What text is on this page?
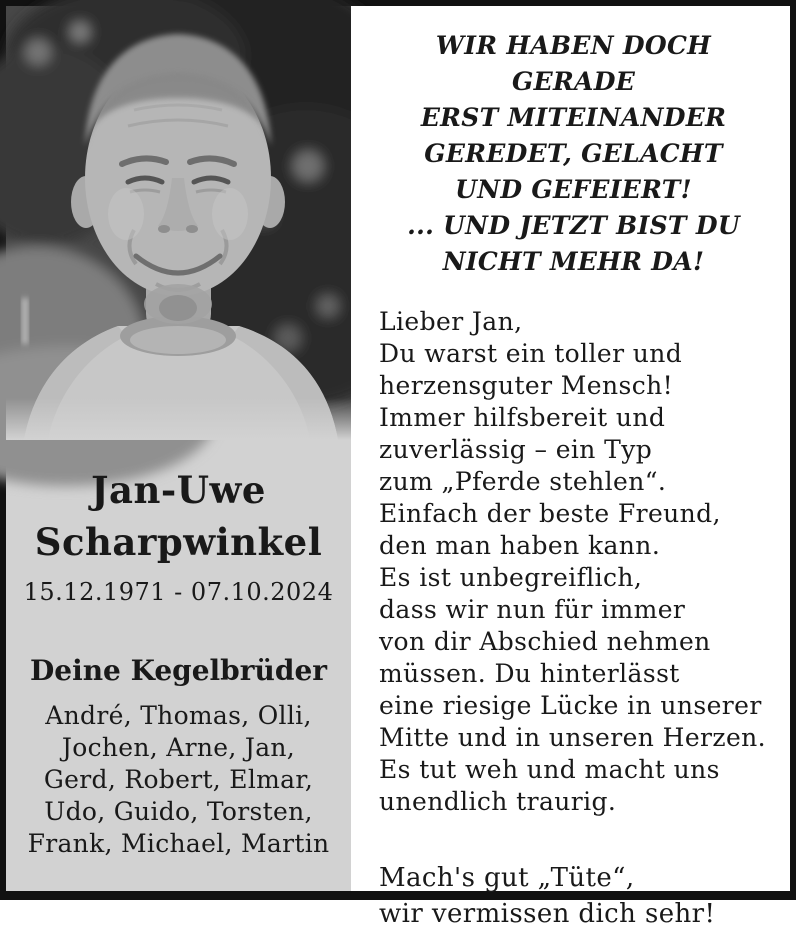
Jan-Uwe
Scharpwinkel
15.12.1971 - 07.10.2024
Deine Kegelbrüder
André, Thomas, Olli,
Jochen, Arne, Jan,
Gerd, Robert, Elmar,
Udo, Guido, Torsten,
Frank, Michael, Martin
WIR HABEN DOCH GERADE
ERST MITEINANDER
GEREDET, GELACHT
UND GEFEIERT!
... UND JETZT BIST DU
NICHT MEHR DA!
Lieber Jan,
Du warst ein toller und
herzensguter Mensch!
Immer hilfsbereit und
zuverlässig – ein Typ
zum „Pferde stehlen“.
Einfach der beste Freund,
den man haben kann.
Es ist unbegreiflich,
dass wir nun für immer
von dir Abschied nehmen
müssen. Du hinterlässt
eine riesige Lücke in unserer
Mitte und in unseren Herzen.
Es tut weh und macht uns
unendlich traurig.
Mach's gut „Tüte“,
wir vermissen dich sehr!
